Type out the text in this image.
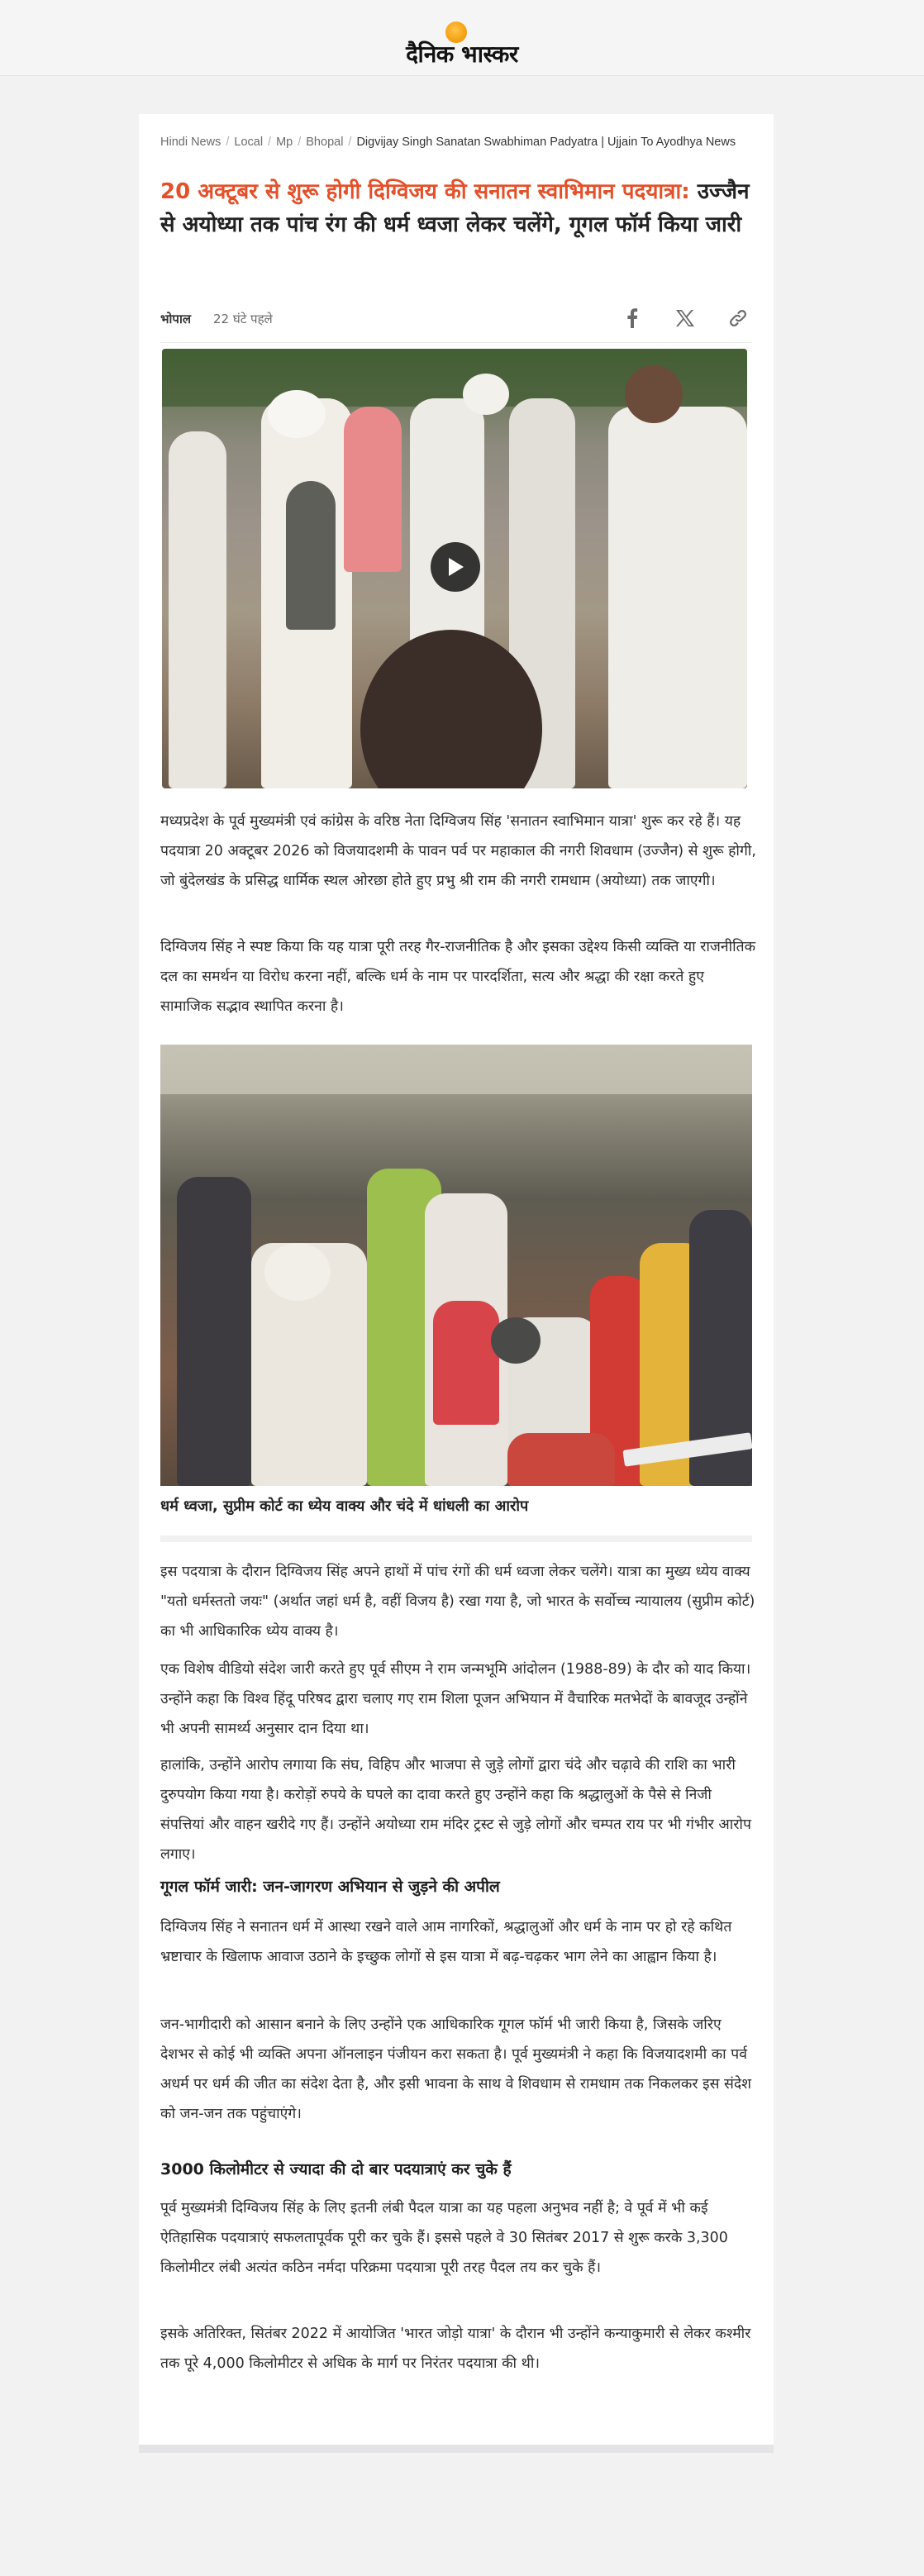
दैनिक भास्कर
Hindi News / Local / Mp / Bhopal / Digvijay Singh Sanatan Swabhiman Padyatra | Ujjain To Ayodhya News
20 अक्टूबर से शुरू होगी दिग्विजय की सनातन स्वाभिमान पदयात्रा: उज्जैन से अयोध्या तक पांच रंग की धर्म ध्वजा लेकर चलेंगे, गूगल फॉर्म किया जारी
भोपाल 22 घंटे पहले
मध्यप्रदेश के पूर्व मुख्यमंत्री एवं कांग्रेस के वरिष्ठ नेता दिग्विजय सिंह 'सनातन स्वाभिमान यात्रा' शुरू कर रहे हैं। यह पदयात्रा 20 अक्टूबर 2026 को विजयादशमी के पावन पर्व पर महाकाल की नगरी शिवधाम (उज्जैन) से शुरू होगी, जो बुंदेलखंड के प्रसिद्ध धार्मिक स्थल ओरछा होते हुए प्रभु श्री राम की नगरी रामधाम (अयोध्या) तक जाएगी।
दिग्विजय सिंह ने स्पष्ट किया कि यह यात्रा पूरी तरह गैर-राजनीतिक है और इसका उद्देश्य किसी व्यक्ति या राजनीतिक दल का समर्थन या विरोध करना नहीं, बल्कि धर्म के नाम पर पारदर्शिता, सत्य और श्रद्धा की रक्षा करते हुए सामाजिक सद्भाव स्थापित करना है।
धर्म ध्वजा, सुप्रीम कोर्ट का ध्येय वाक्य और चंदे में धांधली का आरोप
इस पदयात्रा के दौरान दिग्विजय सिंह अपने हाथों में पांच रंगों की धर्म ध्वजा लेकर चलेंगे। यात्रा का मुख्य ध्येय वाक्य "यतो धर्मस्ततो जयः" (अर्थात जहां धर्म है, वहीं विजय है) रखा गया है, जो भारत के सर्वोच्च न्यायालय (सुप्रीम कोर्ट) का भी आधिकारिक ध्येय वाक्य है।
एक विशेष वीडियो संदेश जारी करते हुए पूर्व सीएम ने राम जन्मभूमि आंदोलन (1988-89) के दौर को याद किया। उन्होंने कहा कि विश्व हिंदू परिषद द्वारा चलाए गए राम शिला पूजन अभियान में वैचारिक मतभेदों के बावजूद उन्होंने भी अपनी सामर्थ्य अनुसार दान दिया था।
हालांकि, उन्होंने आरोप लगाया कि संघ, विहिप और भाजपा से जुड़े लोगों द्वारा चंदे और चढ़ावे की राशि का भारी दुरुपयोग किया गया है। करोड़ों रुपये के घपले का दावा करते हुए उन्होंने कहा कि श्रद्धालुओं के पैसे से निजी संपत्तियां और वाहन खरीदे गए हैं। उन्होंने अयोध्या राम मंदिर ट्रस्ट से जुड़े लोगों और चम्पत राय पर भी गंभीर आरोप लगाए।
गूगल फॉर्म जारी: जन-जागरण अभियान से जुड़ने की अपील
दिग्विजय सिंह ने सनातन धर्म में आस्था रखने वाले आम नागरिकों, श्रद्धालुओं और धर्म के नाम पर हो रहे कथित भ्रष्टाचार के खिलाफ आवाज उठाने के इच्छुक लोगों से इस यात्रा में बढ़-चढ़कर भाग लेने का आह्वान किया है।
जन-भागीदारी को आसान बनाने के लिए उन्होंने एक आधिकारिक गूगल फॉर्म भी जारी किया है, जिसके जरिए देशभर से कोई भी व्यक्ति अपना ऑनलाइन पंजीयन करा सकता है। पूर्व मुख्यमंत्री ने कहा कि विजयादशमी का पर्व अधर्म पर धर्म की जीत का संदेश देता है, और इसी भावना के साथ वे शिवधाम से रामधाम तक निकलकर इस संदेश को जन-जन तक पहुंचाएंगे।
3000 किलोमीटर से ज्यादा की दो बार पदयात्राएं कर चुके हैं
पूर्व मुख्यमंत्री दिग्विजय सिंह के लिए इतनी लंबी पैदल यात्रा का यह पहला अनुभव नहीं है; वे पूर्व में भी कई ऐतिहासिक पदयात्राएं सफलतापूर्वक पूरी कर चुके हैं। इससे पहले वे 30 सितंबर 2017 से शुरू करके 3,300 किलोमीटर लंबी अत्यंत कठिन नर्मदा परिक्रमा पदयात्रा पूरी तरह पैदल तय कर चुके हैं।
इसके अतिरिक्त, सितंबर 2022 में आयोजित 'भारत जोड़ो यात्रा' के दौरान भी उन्होंने कन्याकुमारी से लेकर कश्मीर तक पूरे 4,000 किलोमीटर से अधिक के मार्ग पर निरंतर पदयात्रा की थी।
